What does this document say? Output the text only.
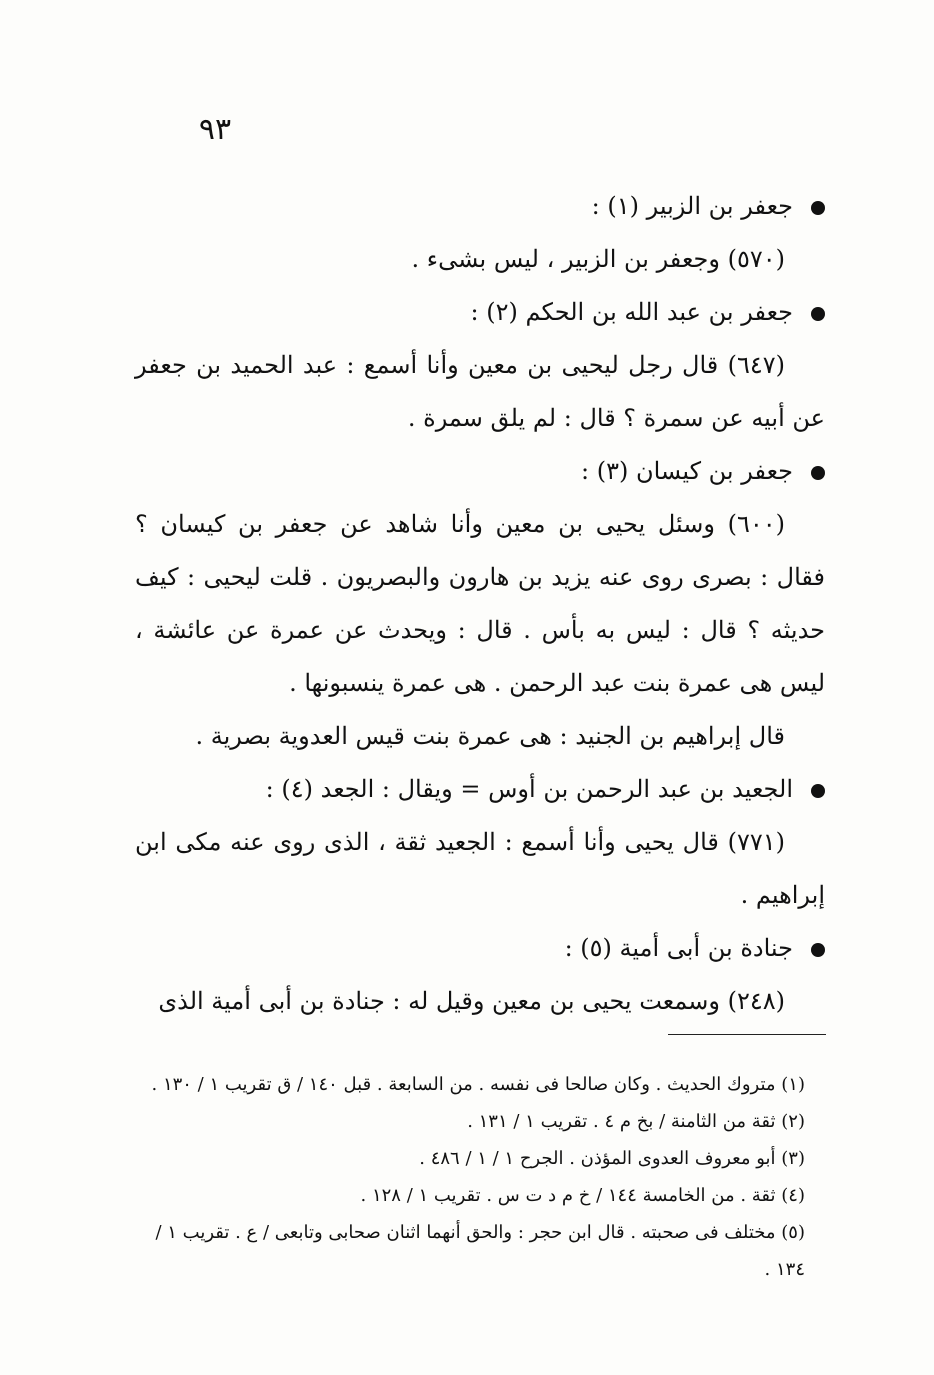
٩٣
جعفر بن الزبير (١) :
(٥٧٠) وجعفر بن الزبير ، ليس بشىء .
جعفر بن عبد الله بن الحكم (٢) :
(٦٤٧) قال رجل ليحيى بن معين وأنا أسمع : عبد الحميد بن جعفر عن أبيه عن سمرة ؟ قال : لم يلق سمرة .
جعفر بن كيسان (٣) :
(٦٠٠) وسئل يحيى بن معين وأنا شاهد عن جعفر بن كيسان ؟ فقال : بصرى روى عنه يزيد بن هارون والبصريون . قلت ليحيى : كيف حديثه ؟ قال : ليس به بأس . قال : ويحدث عن عمرة عن عائشة ، ليس هى عمرة بنت عبد الرحمن . هى عمرة ينسبونها .
قال إبراهيم بن الجنيد : هى عمرة بنت قيس العدوية بصرية .
الجعيد بن عبد الرحمن بن أوس = ويقال : الجعد (٤) :
(٧٧١) قال يحيى وأنا أسمع : الجعيد ثقة ، الذى روى عنه مكى ابن إبراهيم .
جنادة بن أبى أمية (٥) :
(٢٤٨) وسمعت يحيى بن معين وقيل له : جنادة بن أبى أمية الذى
(١) متروك الحديث . وكان صالحا فى نفسه . من السابعة . قبل ١٤٠ / ق تقريب ١ / ١٣٠ .
(٢) ثقة من الثامنة / بخ م ٤ . تقريب ١ / ١٣١ .
(٣) أبو معروف العدوى المؤذن . الجرح ١ / ١ / ٤٨٦ .
(٤) ثقة . من الخامسة ١٤٤ / خ م د ت س . تقريب ١ / ١٢٨ .
(٥) مختلف فى صحبته . قال ابن حجر : والحق أنهما اثنان صحابى وتابعى / ع . تقريب ١ / ١٣٤ .
